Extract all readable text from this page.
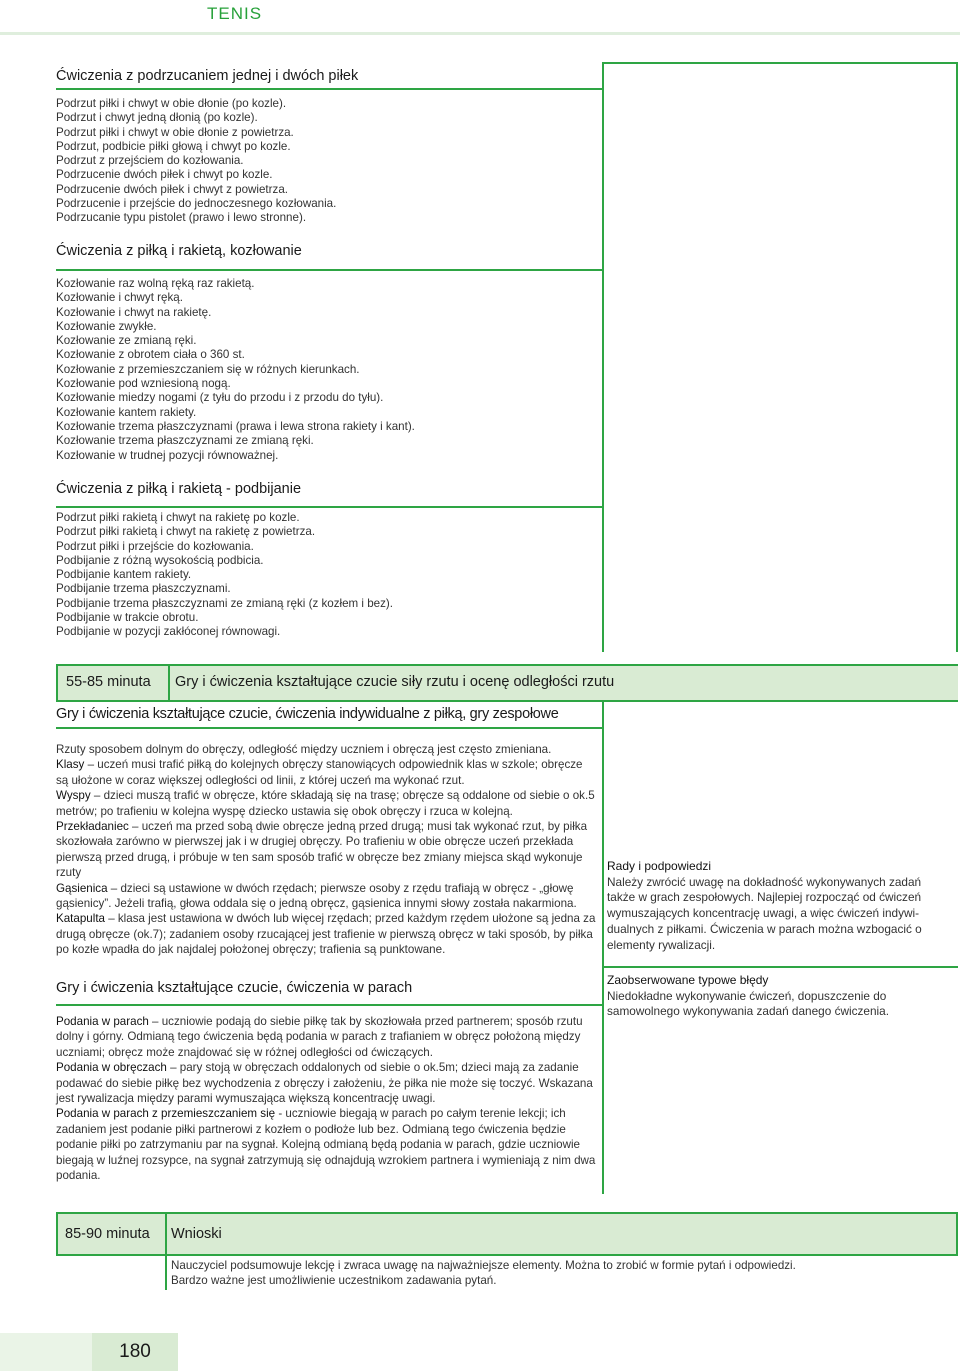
TENIS
Ćwiczenia z podrzucaniem jednej i dwóch piłek
Podrzut piłki i chwyt w obie dłonie (po kozle).
Podrzut i chwyt jedną dłonią (po kozle).
Podrzut piłki i chwyt w obie dłonie z powietrza.
Podrzut, podbicie piłki głową i chwyt po kozle.
Podrzut z przejściem do kozłowania.
Podrzucenie dwóch piłek i chwyt po kozle.
Podrzucenie dwóch piłek i chwyt z powietrza.
Podrzucenie i przejście do jednoczesnego kozłowania.
Podrzucanie typu pistolet (prawo i lewo stronne).
Ćwiczenia z piłką i rakietą, kozłowanie
Kozłowanie raz wolną ręką raz rakietą.
Kozłowanie i chwyt ręką.
Kozłowanie i chwyt na rakietę.
Kozłowanie zwykłe.
Kozłowanie ze zmianą ręki.
Kozłowanie z obrotem ciała o 360 st.
Kozłowanie z przemieszczaniem się w różnych kierunkach.
Kozłowanie pod wzniesioną nogą.
Kozłowanie miedzy nogami (z tyłu do przodu i z przodu do tyłu).
Kozłowanie kantem rakiety.
Kozłowanie trzema płaszczyznami (prawa i lewa strona rakiety i kant).
Kozłowanie trzema płaszczyznami ze zmianą ręki.
Kozłowanie w trudnej pozycji równoważnej.
Ćwiczenia z piłką i rakietą - podbijanie
Podrzut piłki rakietą i chwyt na rakietę po kozle.
Podrzut piłki rakietą i chwyt na rakietę z powietrza.
Podrzut piłki i przejście do kozłowania.
Podbijanie z różną wysokością podbicia.
Podbijanie kantem rakiety.
Podbijanie trzema płaszczyznami.
Podbijanie trzema płaszczyznami ze zmianą ręki (z kozłem i bez).
Podbijanie w trakcie obrotu.
Podbijanie w pozycji zakłóconej równowagi.
55-85 minuta Gry i ćwiczenia kształtujące czucie siły rzutu i ocenę odległości rzutu
Gry i ćwiczenia kształtujące czucie, ćwiczenia indywidualne z piłką, gry zespołowe

Rzuty sposobem dolnym do obręczy, odległość między uczniem i obręczą jest często zmieniana.

Klasy – uczeń musi trafić piłką do kolejnych obręczy stanowiących odpowiednik klas w szkole; obręcze są ułożone w coraz większej odległości od linii, z której uczeń ma wykonać rzut.

Wyspy – dzieci muszą trafić w obręcze, które składają się na trasę; obręcze są oddalone od siebie o ok.5 metrów; po trafieniu w kolejna wyspę dziecko ustawia się obok obręczy i rzuca w kolejną.

Przekładaniec – uczeń ma przed sobą dwie obręcze jedną przed drugą; musi tak wykonać rzut, by piłka skozłowała zarówno w pierwszej jak i w drugiej obręczy. Po trafieniu w obie obręcze uczeń przekłada pierwszą przed drugą, i próbuje w ten sam sposób trafić w obręcze bez zmiany miejsca skąd wykonuje rzuty

Gąsienica – dzieci są ustawione w dwóch rzędach; pierwsze osoby z rzędu trafiają w obręcz - „głowę gąsienicy”. Jeżeli trafią, głowa oddala się o jedną obręcz, gąsienica innymi słowy została nakarmiona.

Katapulta – klasa jest ustawiona w dwóch lub więcej rzędach; przed każdym rzędem ułożone są jedna za drugą obręcze (ok.7); zadaniem osoby rzucającej jest trafienie w pierwszą obręcz w taki sposób, by piłka po kozłe wpadła do jak najdalej położonej obręczy; trafienia są punktowane.

Gry i ćwiczenia kształtujące czucie, ćwiczenia w parach

Podania w parach – uczniowie podają do siebie piłkę tak by skozłowała przed partnerem; sposób rzutu dolny i górny. Odmianą tego ćwiczenia będą podania w parach z trafianiem w obręcz położoną między uczniami; obręcz może znajdować się w różnej odległości od ćwiczących.

Podania w obręczach – pary stoją w obręczach oddalonych od siebie o ok.5m; dzieci mają za zadanie podawać do siebie piłkę bez wychodzenia z obręczy i założeniu, że piłka nie może się toczyć. Wskazana jest rywalizacja między parami wymuszająca większą koncentrację uwagi.

Podania w parach z przemieszczaniem się - uczniowie biegają w parach po całym terenie lekcji; ich zadaniem jest podanie piłki partnerowi z kozłem o podłoże lub bez. Odmianą tego ćwiczenia będzie podanie piłki po zatrzymaniu par na sygnał. Kolejną odmianą będą podania w parach, gdzie uczniowie biegają w luźnej rozsypce, na sygnał zatrzymują się odnajdują wzrokiem partnera i wymieniają z nim dwa podania.

Rady i podpowiedzi
Należy zwrócić uwagę na dokładność wykonywanych zadań także w grach zespołowych. Najlepiej rozpocząć od ćwiczeń wymuszających koncentrację uwagi, a więc ćwiczeń indywi-dualnych z piłkami. Ćwiczenia w parach można wzbogacić o elementy rywalizacji.
Zaobserwowane typowe błędy
Niedokładne wykonywanie ćwiczeń, dopuszczenie do samowolnego wykonywania zadań danego ćwiczenia.
85-90 minuta Wnioski

Nauczyciel podsumowuje lekcję i zwraca uwagę na najważniejsze elementy. Można to zrobić w formie pytań i odpowiedzi.

Bardzo ważne jest umożliwienie uczestnikom zadawania pytań.

180
